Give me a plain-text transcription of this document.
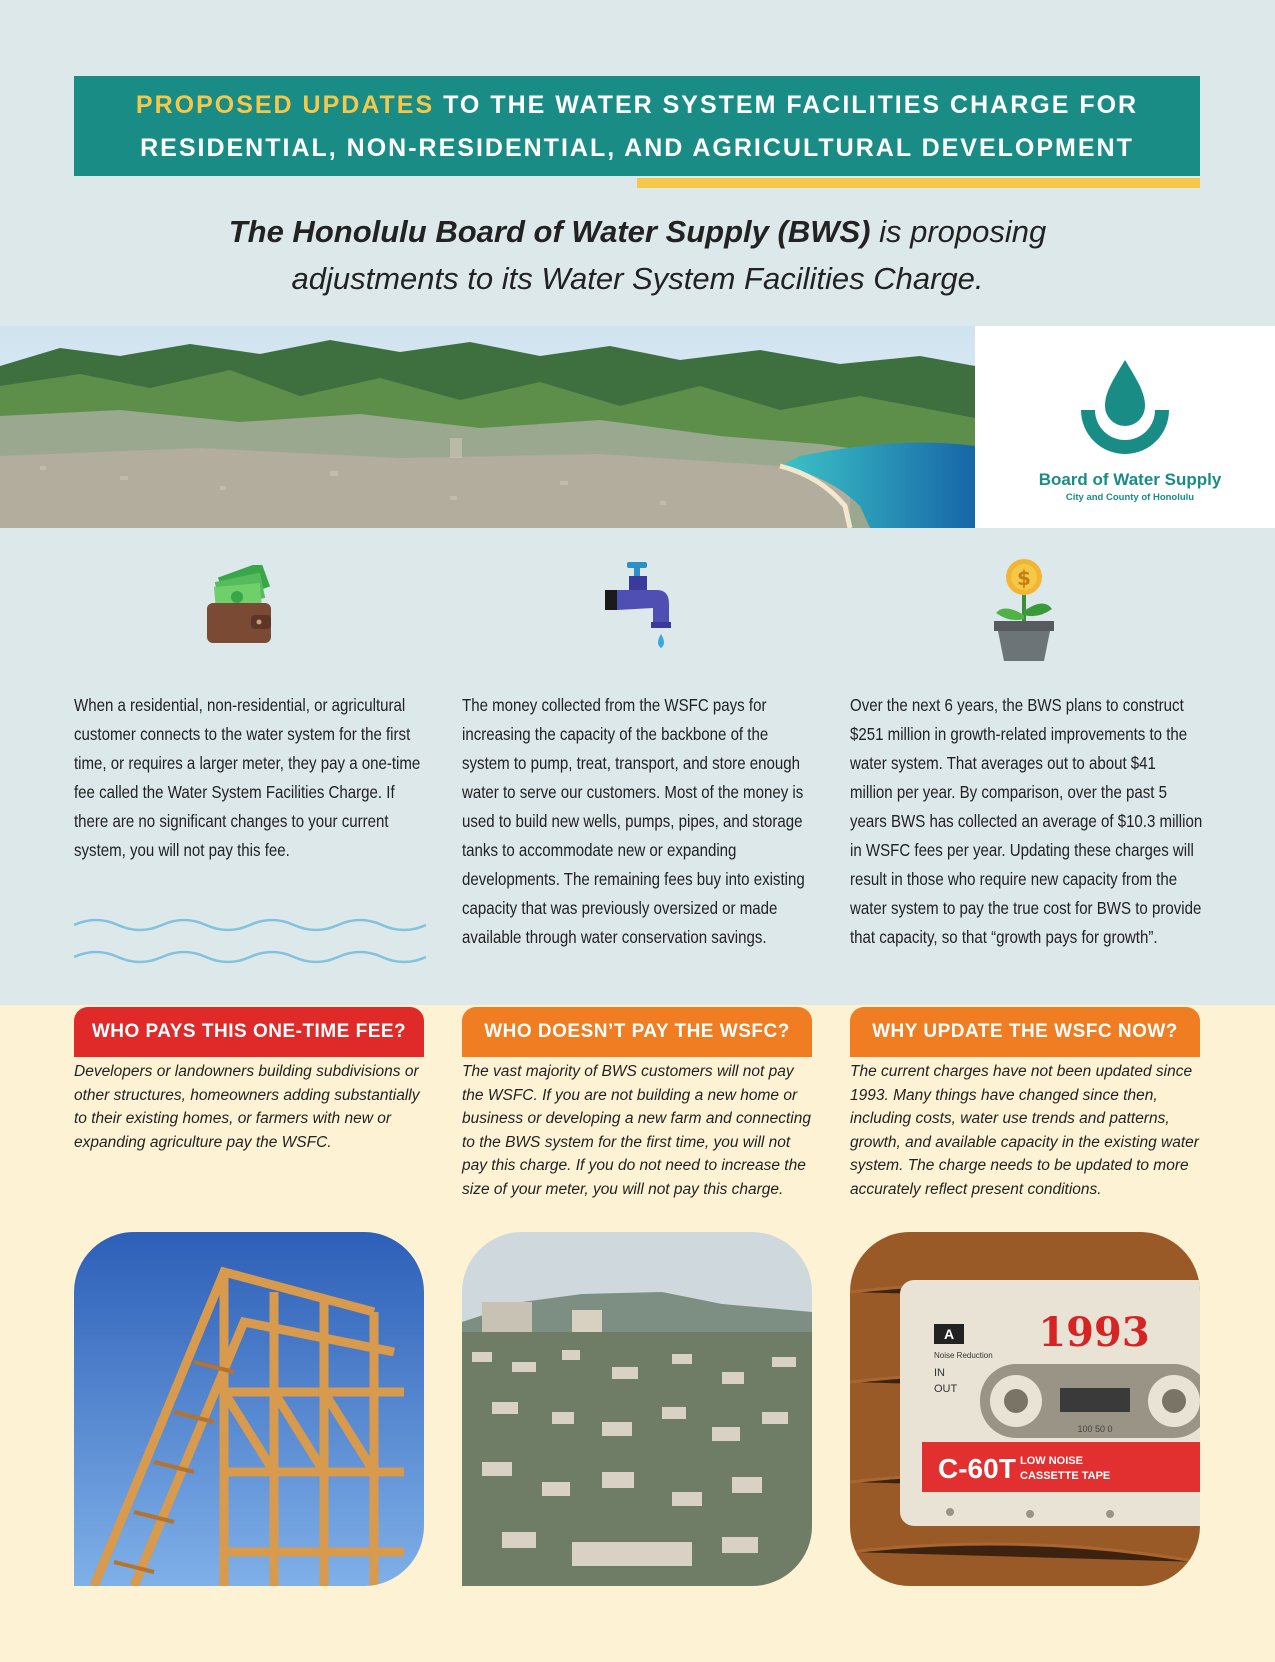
PROPOSED UPDATES TO THE WATER SYSTEM FACILITIES CHARGE FOR
RESIDENTIAL, NON-RESIDENTIAL, AND AGRICULTURAL DEVELOPMENT
The Honolulu Board of Water Supply (BWS) is proposing
adjustments to its Water System Facilities Charge.
Board of Water Supply
City and County of Honolulu
$
When a residential, non-residential, or agricultural customer connects to the water system for the first time, or requires a larger meter, they pay a one-time fee called the Water System Facilities Charge. If there are no significant changes to your current system, you will not pay this fee.
The money collected from the WSFC pays for increasing the capacity of the backbone of the system to pump, treat, transport, and store enough water to serve our customers. Most of the money is used to build new wells, pumps, pipes, and storage tanks to accommodate new or expanding developments. The remaining fees buy into existing capacity that was previously oversized or made available through water conservation savings.
Over the next 6 years, the BWS plans to construct $251 million in growth-related improvements to the water system. That averages out to about $41 million per year. By comparison, over the past 5 years BWS has collected an average of $10.3 million in WSFC fees per year. Updating these charges will result in those who require new capacity from the water system to pay the true cost for BWS to provide that capacity, so that “growth pays for growth”.
WHO PAYS THIS ONE-TIME FEE?	WHO DOESN’T PAY THE WSFC?	WHY UPDATE THE WSFC NOW?
Developers or landowners building subdivisions or other structures, homeowners adding substantially to their existing homes, or farmers with new or expanding agriculture pay the WSFC.
The vast majority of BWS customers will not pay the WSFC. If you are not building a new home or business or developing a new farm and connecting to the BWS system for the first time, you will not pay this charge. If you do not need to increase the size of your meter, you will not pay this charge.
The current charges have not been updated since 1993. Many things have changed since then, including costs, water use trends and patterns, growth, and available capacity in the existing water system. The charge needs to be updated to more accurately reflect present conditions.
A
Noise Reduction
IN
OUT
1993
100 50 0
C-60T LOW NOISE
CASSETTE TAPE
